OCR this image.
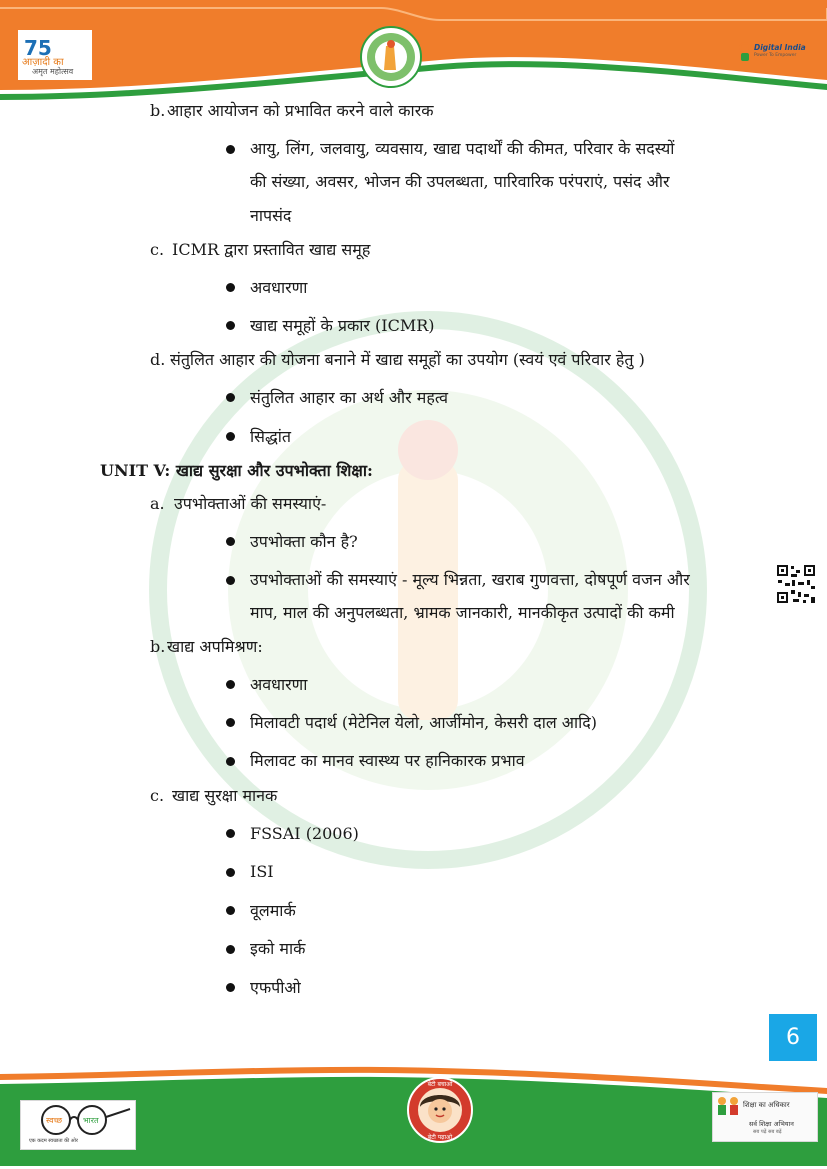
75
आज़ादी का
अमृत महोत्सव
Digital India
Power To Empower
b. आहार आयोजन को प्रभावित करने वाले कारक
आयु, लिंग, जलवायु, व्यवसाय, खाद्य पदार्थों की कीमत, परिवार के सदस्यों
की संख्या, अवसर, भोजन की उपलब्धता, पारिवारिक परंपराएं, पसंद और
नापसंद
c. ICMR द्वारा प्रस्तावित खाद्य समूह
अवधारणा
खाद्य समूहों के प्रकार (ICMR)
d. संतुलित आहार की योजना बनाने में खाद्य समूहों का उपयोग (स्वयं एवं परिवार हेतु )
संतुलित आहार का अर्थ और महत्व
सिद्धांत
UNIT V: खाद्य सुरक्षा और उपभोक्ता शिक्षा:
a. उपभोक्ताओं की समस्याएं-
उपभोक्ता कौन है?
उपभोक्ताओं की समस्याएं - मूल्य भिन्नता, खराब गुणवत्ता, दोषपूर्ण वजन और
माप, माल की अनुपलब्धता, भ्रामक जानकारी, मानकीकृत उत्पादों की कमी
b. खाद्य अपमिश्रण:
अवधारणा
मिलावटी पदार्थ (मेटेनिल येलो, आर्जीमोन, केसरी दाल आदि)
मिलावट का मानव स्वास्थ्य पर हानिकारक प्रभाव
c. खाद्य सुरक्षा मानक
FSSAI (2006)
ISI
वूलमार्क
इको मार्क
एफपीओ
6
स्वच्छ	भारत
एक कदम स्वच्छता की ओर
बेटी बचाओ
बेटी पढ़ाओ
शिक्षा का अधिकार
सर्व शिक्षा अभियान
सब पढ़ें सब बढ़ें
